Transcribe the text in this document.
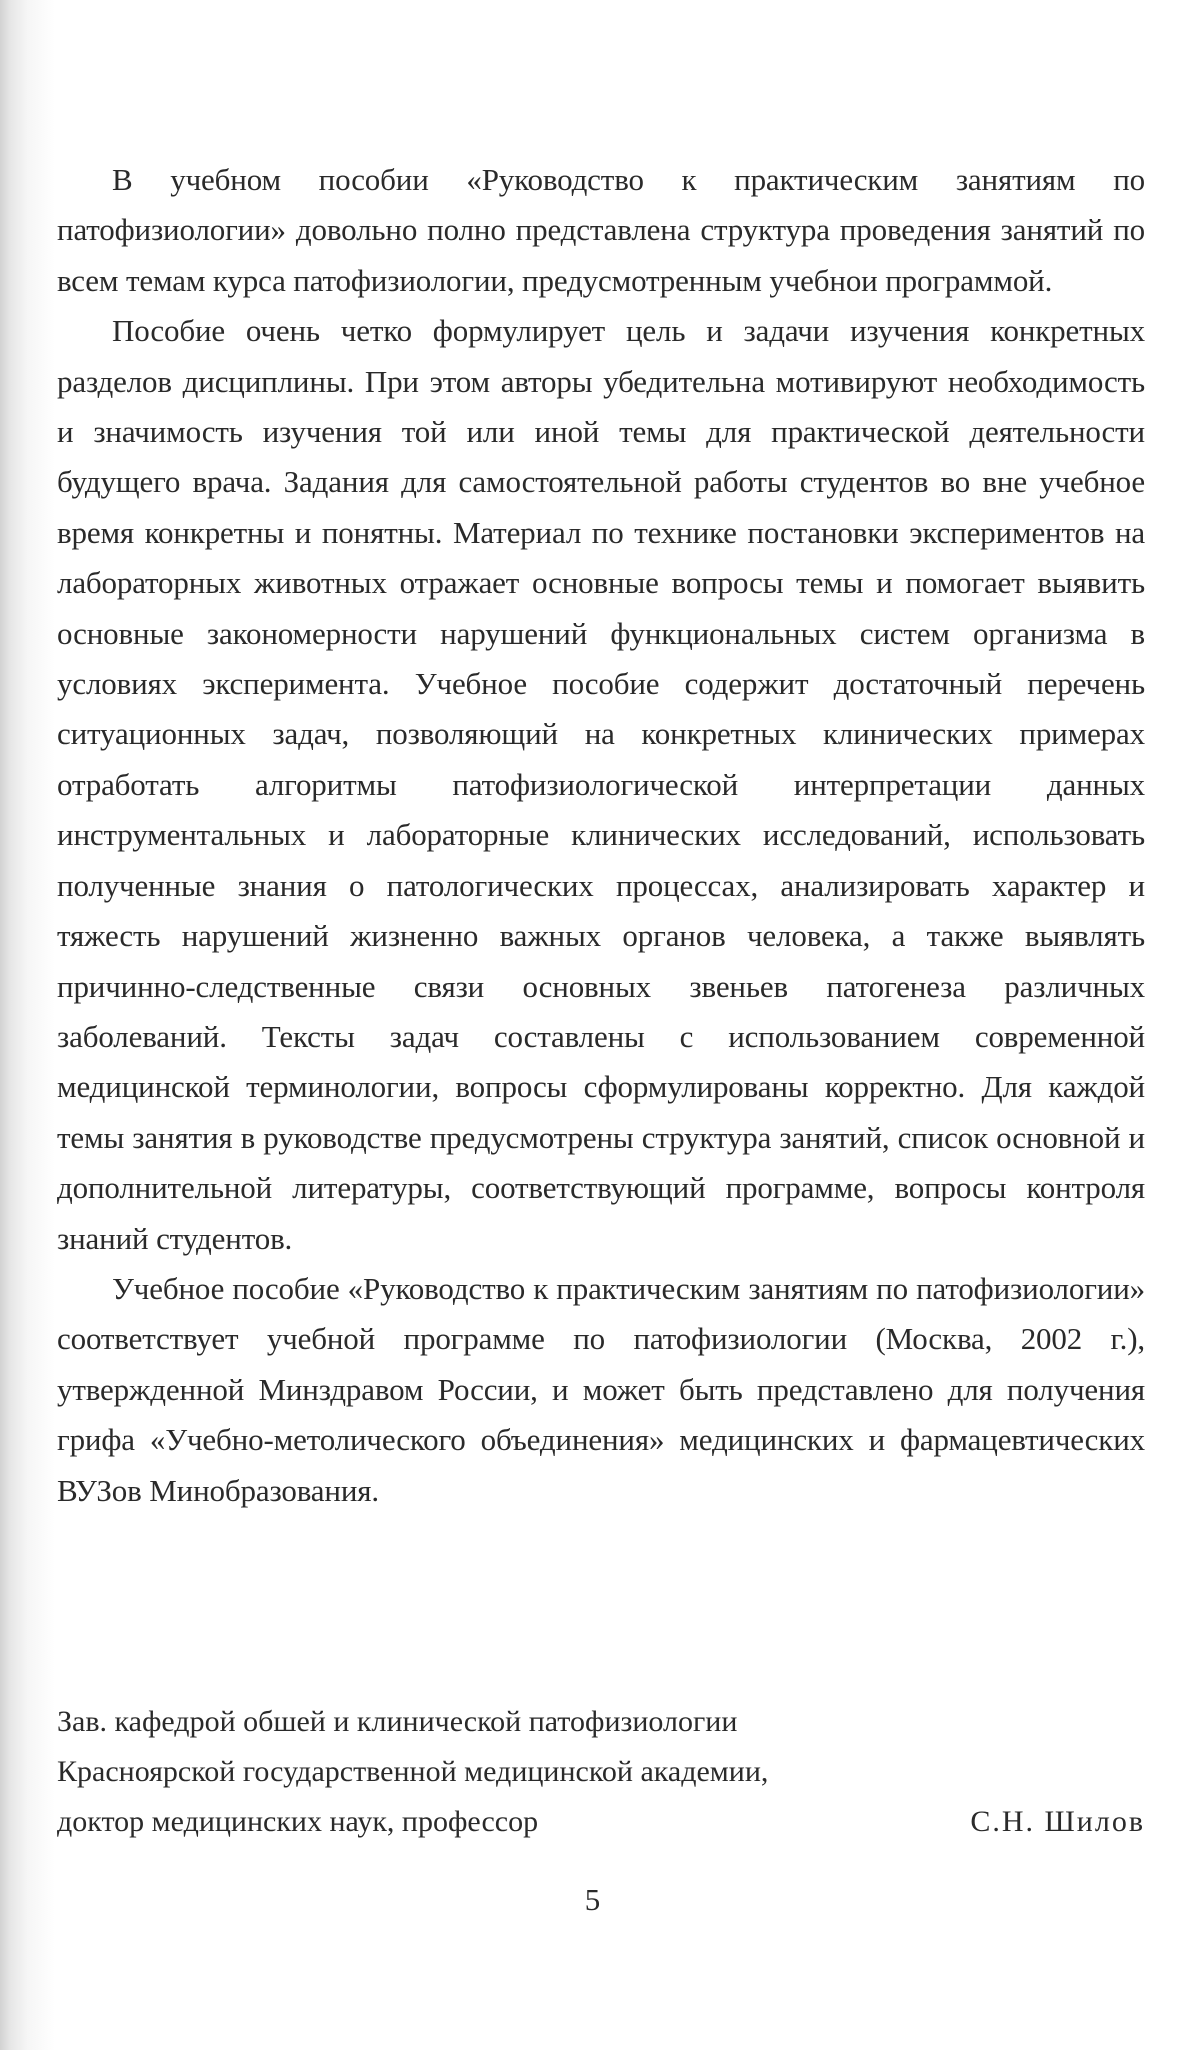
В учебном пособии «Руководство к практическим занятиям по патофизиологии» довольно полно представлена структура проведения занятий по всем темам курса патофизиологии, предусмотренным учебнои программой.

Пособие очень четко формулирует цель и задачи изучения конкретных разделов дисциплины. При этом авторы убедительна мотивируют необходимость и значимость изучения той или иной темы для практической деятельности будущего врача. Задания для самостоятельной работы студентов во вне учебное время конкретны и понятны. Материал по технике постановки экспериментов на лабораторных животных отражает основные вопросы темы и помогает выявить основные закономерности нарушений функциональных систем организма в условиях эксперимента. Учебное пособие содержит достаточный перечень ситуационных задач, позволяющий на конкретных клинических примерах отработать алгоритмы патофизиологической интерпретации данных инструментальных и лабораторные клинических исследований, использовать полученные знания о патологических процессах, анализировать характер и тяжесть нарушений жизненно важных органов человека, а также выявлять причинно-следственные связи основных звеньев патогенеза различных заболеваний. Тексты задач составлены с использованием современной медицинской терминологии, вопросы сформулированы корректно. Для каждой темы занятия в руководстве предусмотрены структура занятий, список основной и дополнительной литературы, соответствующий программе, вопросы контроля знаний студентов.

Учебное пособие «Руководство к практическим занятиям по патофизиологии» соответствует учебной программе по патофизиологии (Москва, 2002 г.), утвержденной Минздравом России, и может быть представлено для получения грифа «Учебно-метолического объединения» медицинских и фармацевтических ВУЗов Минобразования.

Зав. кафедрой обшей и клинической патофизиологии
Красноярской государственной медицинской академии,
доктор медицинских наук, профессор	С.Н. Шилов
5
